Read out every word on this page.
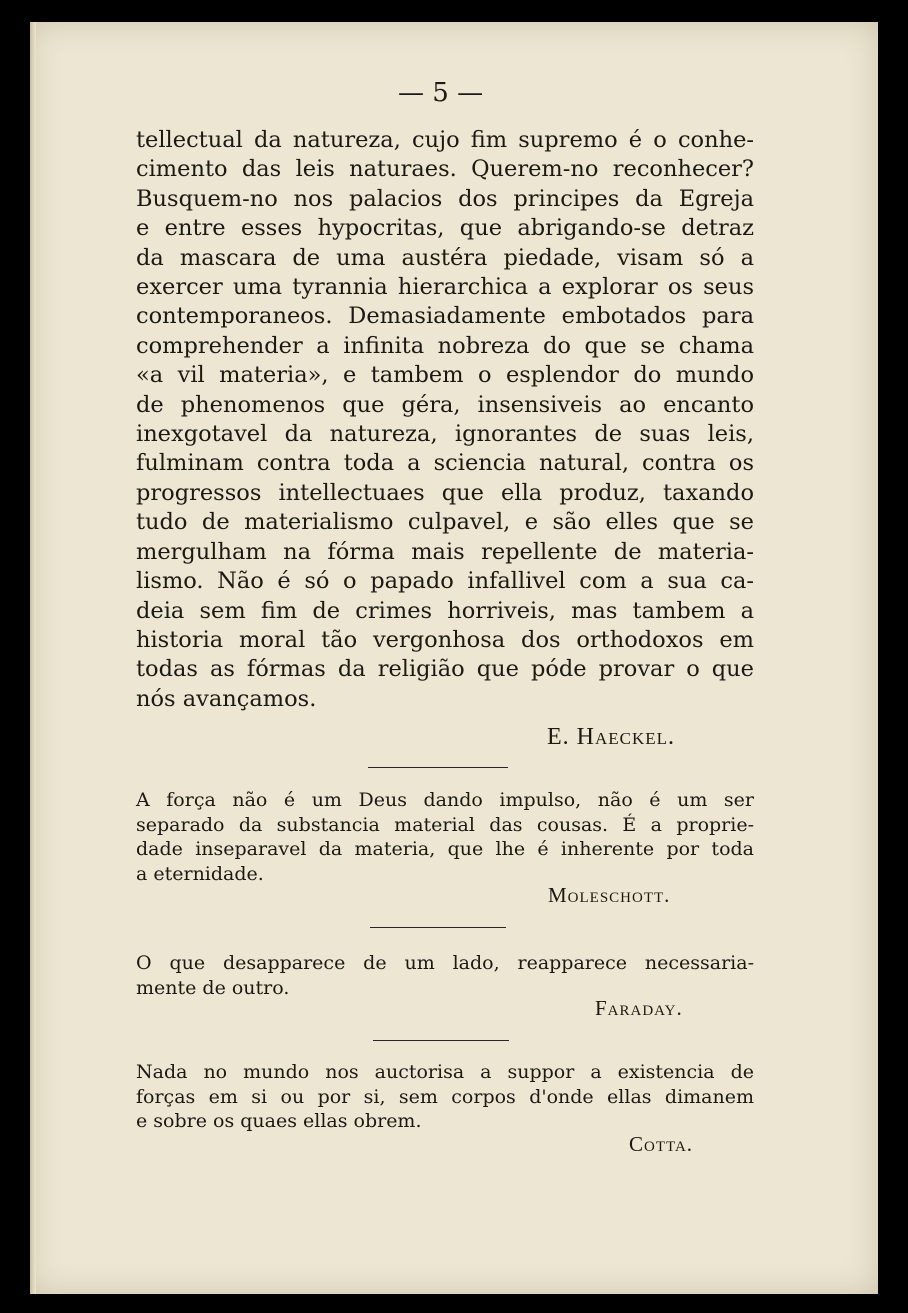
— 5 —
tellectual da natureza, cujo fim supremo é o conhe-
cimento das leis naturaes. Querem-no reconhecer?
Busquem-no nos palacios dos principes da Egreja
e entre esses hypocritas, que abrigando-se detraz
da mascara de uma austéra piedade, visam só a
exercer uma tyrannia hierarchica a explorar os seus
contemporaneos. Demasiadamente embotados para
comprehender a infinita nobreza do que se chama
«a vil materia», e tambem o esplendor do mundo
de phenomenos que géra, insensiveis ao encanto
inexgotavel da natureza, ignorantes de suas leis,
fulminam contra toda a sciencia natural, contra os
progressos intellectuaes que ella produz, taxando
tudo de materialismo culpavel, e são elles que se
mergulham na fórma mais repellente de materia-
lismo. Não é só o papado infallivel com a sua ca-
deia sem fim de crimes horriveis, mas tambem a
historia moral tão vergonhosa dos orthodoxos em
todas as fórmas da religião que póde provar o que
nós avançamos.
E. Haeckel.
A força não é um Deus dando impulso, não é um ser
separado da substancia material das cousas. É a proprie-
dade inseparavel da materia, que lhe é inherente por toda
a eternidade.
Moleschott.
O que desapparece de um lado, reapparece necessaria-
mente de outro.
Faraday.
Nada no mundo nos auctorisa a suppor a existencia de
forças em si ou por si, sem corpos d'onde ellas dimanem
e sobre os quaes ellas obrem.
Cotta.
